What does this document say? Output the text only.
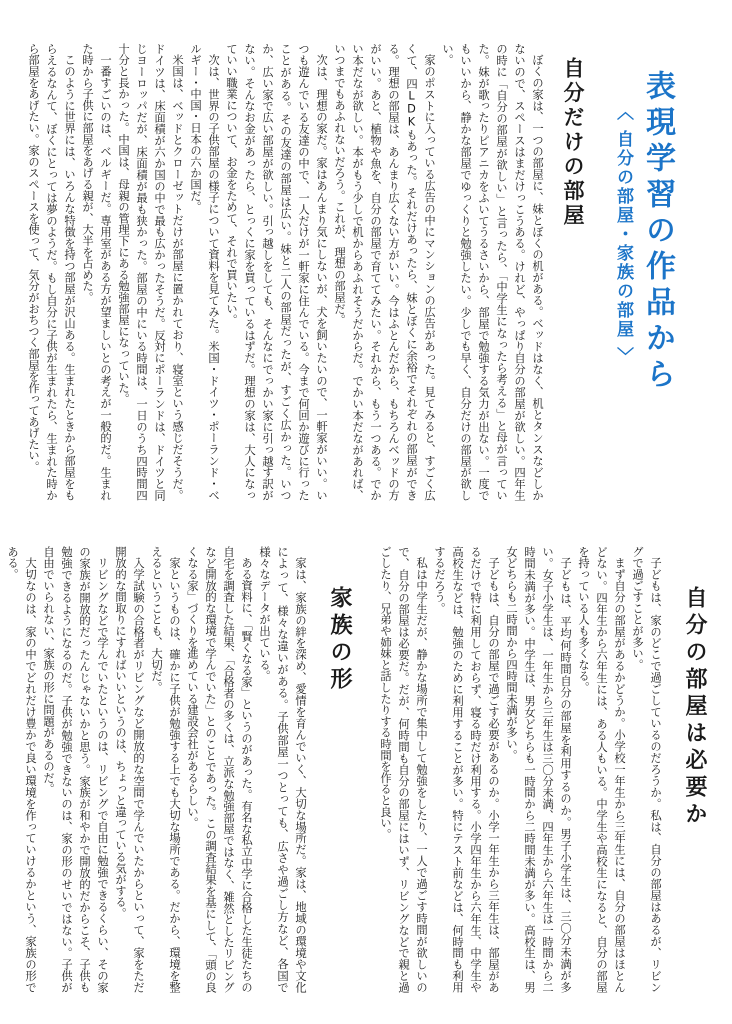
表現学習の作品から
〈 自分の部屋・家族の部屋 〉
自分だけの部屋

ぼくの家は、一つの部屋に、妹とぼくの机がある。ベッドはなく、机とタンスなどしかないので、スペースはまだけっこうある。けれど、やっぱり自分の部屋が欲しい。四年生の時に「自分の部屋が欲しい」と言ったら、「中学生になったら考える」と母が言っていた。妹が歌ったりピアニカをふいてうるさいから、部屋で勉強する気力が出ない。一度でもいいから、静かな部屋でゆっくりと勉強したい。少しでも早く、自分だけの部屋が欲しい。

家のポストに入っている広告の中にマンションの広告があった。見てみると、すごく広くて、四LDKもあった。それだけあったら、妹とぼくに余裕でそれぞれの部屋ができる。理想の部屋は、あんまり広くない方がいい。今はふとんだから、もちろんベッドの方がいい。あと、植物や魚を、自分の部屋で育ててみたい。それから、もう一つある。でかい本だなが欲しい。本がもう少しで机からあふれそうだからだ。でかい本だながあれば、いつまでもあふれないだろう。これが、理想の部屋だ。

次は、理想の家だ。家はあんまり気にしないが、犬を飼いたいので、一軒家がいい。いつも遊んでいる友達の中で、一人だけが一軒家に住んでいる。今まで何回か遊びに行ったことがある。その友達の部屋は広い。妹と二人の部屋だったが、すごく広かった。いつか、広い家で広い部屋が欲しい。引っ越しをしても、そんなにでっかい家に引っ越す訳がない。そんなお金があったら、とっくに家を買っているはずだ。理想の家は、大人になっていい職業について、お金をためて、それで買いたい。

次は、世界の子供部屋の様子について資料を見てみた。米国・ドイツ・ポーランド・ベルギー・中国・日本の六か国だ。

米国は、ベッドとクローゼットだけが部屋に置かれており、寝室という感じだそうだ。ドイツは、床面積が六か国の中で最も広かったそうだ。反対にポーランドは、ドイツと同じヨーロッパだが、床面積が最も狭かった。部屋の中にいる時間は、一日のうち四時間四十分と長かった。中国は、母親の管理下にある勉強部屋になっていた。

一番すごいのは、ベルギーだ。専用室がある方が望ましいとの考えが一般的だ。生まれた時から子供に部屋をあげる親が、大半を占めた。

このように世界には、いろんな特徴を持つ部屋が沢山ある。生まれたときから部屋をもらえるなんて、ぼくにとっては夢のようだ。もし自分に子供が生まれたら、生まれた時から部屋をあげたい。家のスペースを使って、気分がおちつく部屋を作ってあげたい。

自分の部屋は必要か

子どもは、家のどこで過ごしているのだろうか。私は、自分の部屋はあるが、リビングで過ごすことが多い。

まず自分の部屋があるかどうか。小学校一年生から三年生には、自分の部屋はほとんどない。四年生から六年生には、ある人もいる。中学生や高校生になると、自分の部屋を持っている人も多くなる。

子どもは、平均何時間自分の部屋を利用するのか。男子小学生は、三〇分未満が多い。女子小学生は、一年生から三年生は三〇分未満、四年生から六年生は一時間から二時間未満が多い。中学生は、男女どちらも一時間から二時間未満が多い。高校生は、男女どちらも二時間から四時間未満が多い。

子どもは、自分の部屋で過ごす必要があるのか。小学一年生から三年生は、部屋があるだけで特に利用しておらず、寝る時だけ利用する。小学四年生から六年生、中学生や高校生などは、勉強のために利用することが多い。特にテスト前などは、何時間も利用するだろう。

私は中学生だが、静かな場所で集中して勉強をしたり、一人で過ごす時間が欲しいので、自分の部屋は必要だ。だが、何時間も自分の部屋にはいず、リビングなどで親と過ごしたり、兄弟や姉妹と話したりする時間を作ると良い。

家族の形

家は、家族の絆を深め、愛情を育んでいく、大切な場所だ。家は、地域の環境や文化によって、様々な違いがある。子供部屋一つとっても、広さや過ごし方など、各国で様々なデータが出ている。

ある資料に、「賢くなる家」というのがあった。有名な私立中学に合格した生徒たちの自宅を調査した結果、「合格者の多くは、立派な勉強部屋ではなく、雑然としたリビングなど開放的な環境で学んでいた」とのことであった。この調査結果を基にして、「頭の良くなる家」づくりを進めている建設会社があるらしい。

家というものは、確かに子供が勉強する上でも大切な場所である。だから、環境を整えるということも、大切だ。

入学試験の合格者がリビングなど開放的な空間で学んでいたからといって、家をただ開放的な間取りにすればいいというのは、ちょっと違っている気がする。

リビングなどで学んでいたというのは、リビングで自由に勉強できるくらい、その家の家族が開放的だったんじゃないかと思う。家族が和やかで開放的だからこそ、子供も勉強できるようになるのだ。子供が勉強できないのは、家の形のせいではない。子供が自由でいられない、家族の形に問題があるのだ。

大切なのは、家の中でどれだけ豊かで良い環境を作っていけるかという、家族の形である。
